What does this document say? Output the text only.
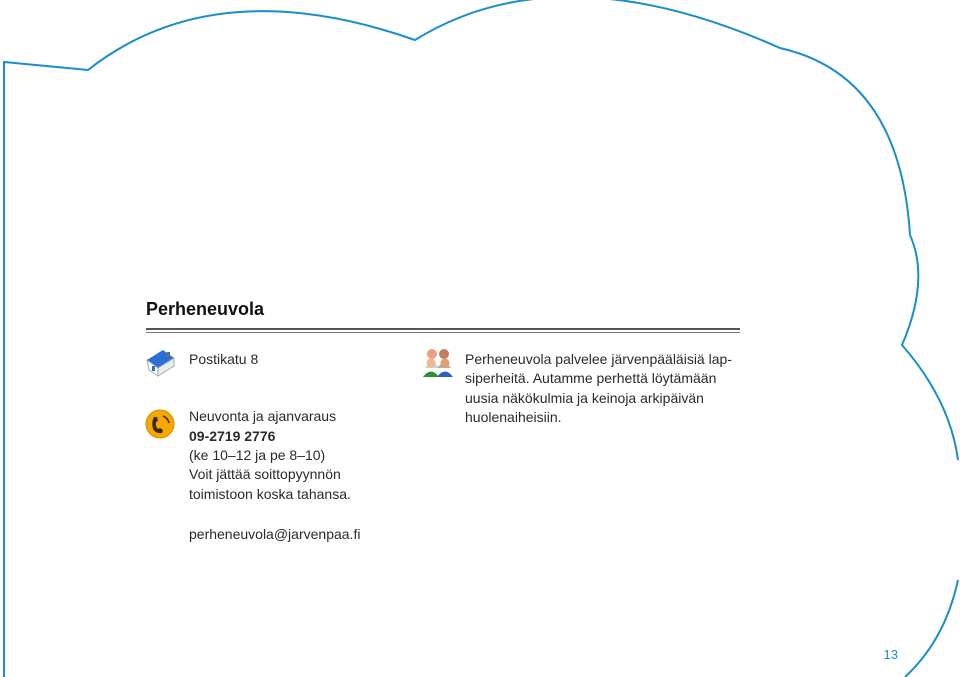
Perheneuvola
Postikatu 8
Neuvonta ja ajanvaraus
09-2719 2776
(ke 10–12 ja pe 8–10)
Voit jättää soittopyynnön
toimistoon koska tahansa.
perheneuvola@jarvenpaa.fi
Perheneuvola palvelee järvenpääläisiä lap-
siperheitä. Autamme perhettä löytämään
uusia näkökulmia ja keinoja arkipäivän
huolenaiheisiin.
13
